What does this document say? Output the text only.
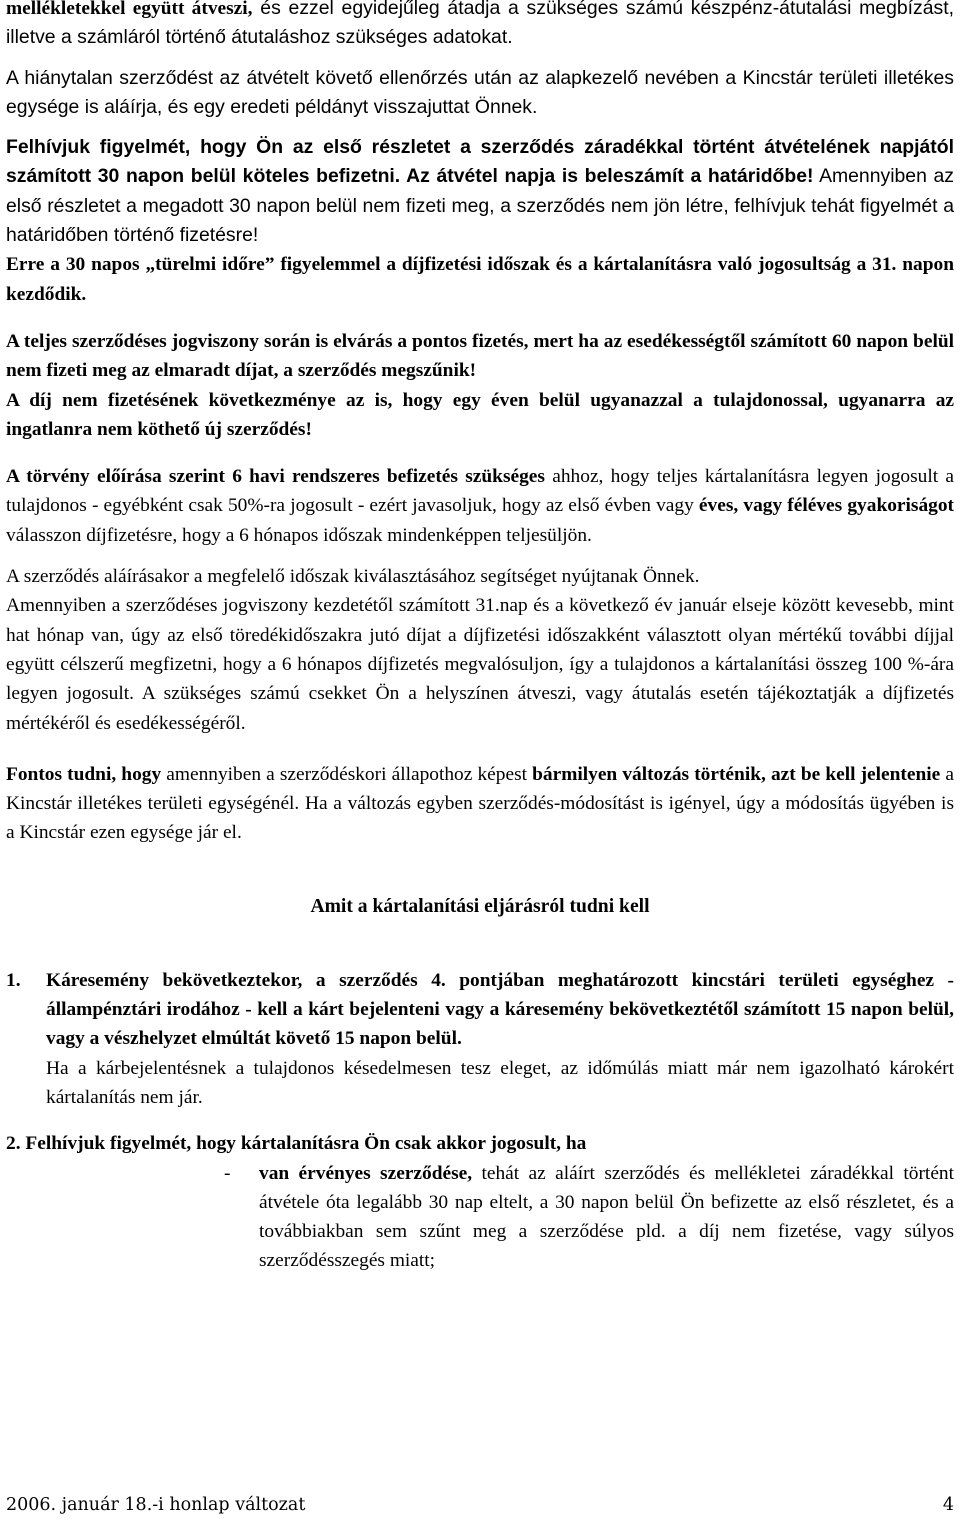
mellékletekkel együtt átveszi, és ezzel egyidejűleg átadja a szükséges számú készpénz-átutalási megbízást, illetve a számláról történő átutaláshoz szükséges adatokat.

A hiánytalan szerződést az átvételt követő ellenőrzés után az alapkezelő nevében a Kincstár területi illetékes egysége is aláírja, és egy eredeti példányt visszajuttat Önnek.

Felhívjuk figyelmét, hogy Ön az első részletet a szerződés záradékkal történt átvételének napjától számított 30 napon belül köteles befizetni. Az átvétel napja is beleszámít a határidőbe! Amennyiben az első részletet a megadott 30 napon belül nem fizeti meg, a szerződés nem jön létre, felhívjuk tehát figyelmét a határidőben történő fizetésre!

Erre a 30 napos „türelmi időre” figyelemmel a díjfizetési időszak és a kártalanításra való jogosultság a 31. napon kezdődik.

A teljes szerződéses jogviszony során is elvárás a pontos fizetés, mert ha az esedékességtől számított 60 napon belül nem fizeti meg az elmaradt díjat, a szerződés megszűnik!

A díj nem fizetésének következménye az is, hogy egy éven belül ugyanazzal a tulajdonossal, ugyanarra az ingatlanra nem köthető új szerződés!

A törvény előírása szerint 6 havi rendszeres befizetés szükséges ahhoz, hogy teljes kártalanításra legyen jogosult a tulajdonos - egyébként csak 50%-ra jogosult - ezért javasoljuk, hogy az első évben vagy éves, vagy féléves gyakoriságot válasszon díjfizetésre, hogy a 6 hónapos időszak mindenképpen teljesüljön.

A szerződés aláírásakor a megfelelő időszak kiválasztásához segítséget nyújtanak Önnek.

Amennyiben a szerződéses jogviszony kezdetétől számított 31.nap és a következő év január elseje között kevesebb, mint hat hónap van, úgy az első töredékidőszakra jutó díjat a díjfizetési időszakként választott olyan mértékű további díjjal együtt célszerű megfizetni, hogy a 6 hónapos díjfizetés megvalósuljon, így a tulajdonos a kártalanítási összeg 100 %-ára legyen jogosult. A szükséges számú csekket Ön a helyszínen átveszi, vagy átutalás esetén tájékoztatják a díjfizetés mértékéről és esedékességéről.

Fontos tudni, hogy amennyiben a szerződéskori állapothoz képest bármilyen változás történik, azt be kell jelentenie a Kincstár illetékes területi egységénél. Ha a változás egyben szerződés-módosítást is igényel, úgy a módosítás ügyében is a Kincstár ezen egysége jár el.

Amit a kártalanítási eljárásról tudni kell

1.	Káresemény bekövetkeztekor, a szerződés 4. pontjában meghatározott kincstári területi egységhez - állampénztári irodához - kell a kárt bejelenteni vagy a káresemény bekövetkeztétől számított 15 napon belül, vagy a vészhelyzet elmúltát követő 15 napon belül.
Ha a kárbejelentésnek a tulajdonos késedelmesen tesz eleget, az időmúlás miatt már nem igazolható károkért kártalanítás nem jár.
2. Felhívjuk figyelmét, hogy kártalanításra Ön csak akkor jogosult, ha
-	van érvényes szerződése, tehát az aláírt szerződés és mellékletei záradékkal történt átvétele óta legalább 30 nap eltelt, a 30 napon belül Ön befizette az első részletet, és a továbbiakban sem szűnt meg a szerződése pld. a díj nem fizetése, vagy súlyos szerződésszegés miatt;
2006. január 18.-i honlap változat	4
